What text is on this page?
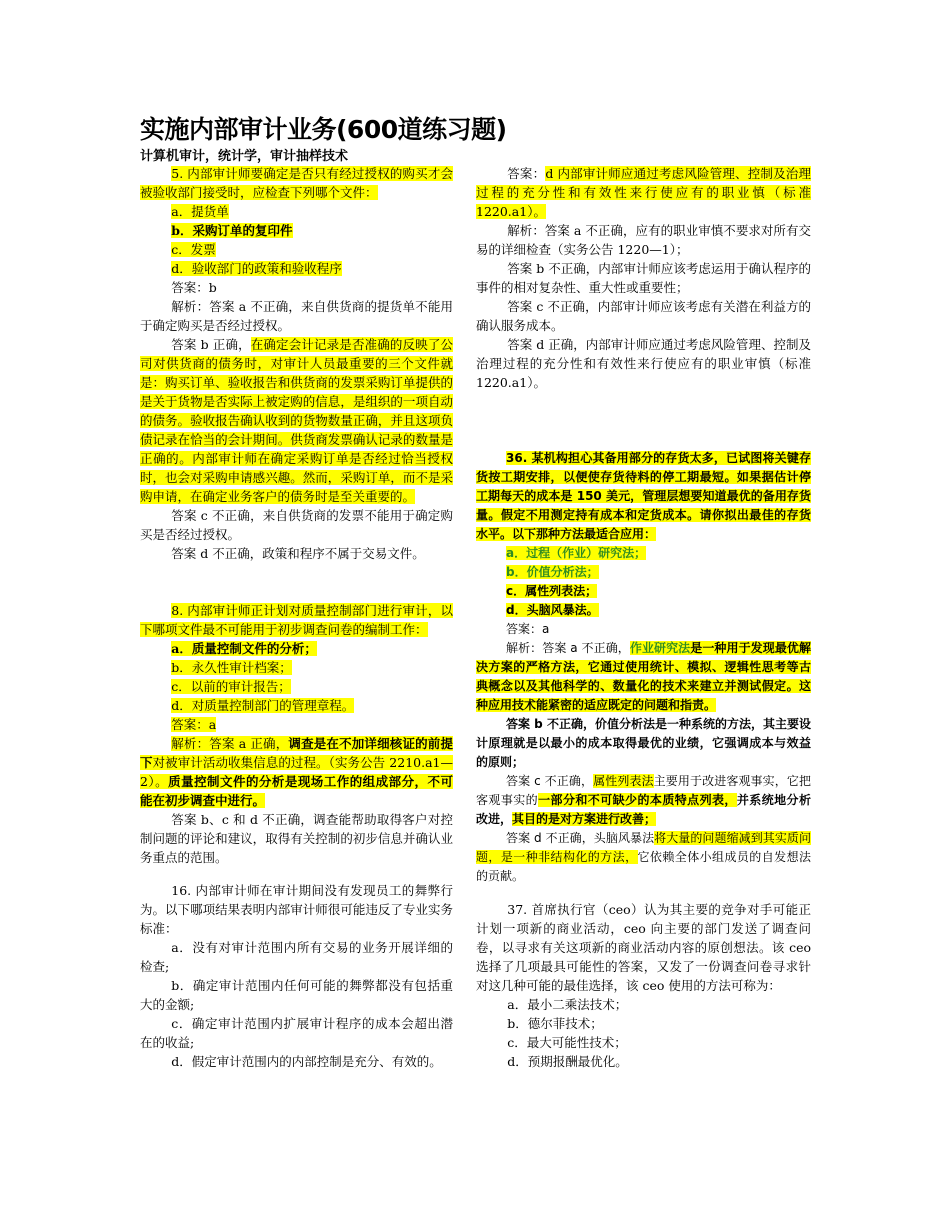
实施内部审计业务(600道练习题)
计算机审计，统计学，审计抽样技术

5. 内部审计师要确定是否只有经过授权的购买才会被验收部门接受时，应检查下列哪个文件：

a．提货单

b．采购订单的复印件

c．发票

d．验收部门的政策和验收程序

答案：b

解析：答案 a 不正确，来自供货商的提货单不能用于确定购买是否经过授权。

答案 b 正确，在确定会计记录是否准确的反映了公司对供货商的债务时，对审计人员最重要的三个文件就是：购买订单、验收报告和供货商的发票采购订单提供的是关于货物是否实际上被定购的信息，是组织的一项自动的债务。验收报告确认收到的货物数量正确，并且这项负债记录在恰当的会计期间。供货商发票确认记录的数量是正确的。内部审计师在确定采购订单是否经过恰当授权时，也会对采购申请感兴趣。然而，采购订单，而不是采购申请，在确定业务客户的债务时是至关重要的。

答案 c 不正确，来自供货商的发票不能用于确定购买是否经过授权。

答案 d 不正确，政策和程序不属于交易文件。

8. 内部审计师正计划对质量控制部门进行审计，以下哪项文件最不可能用于初步调查问卷的编制工作：

a．质量控制文件的分析；

b．永久性审计档案；

c．以前的审计报告；

d．对质量控制部门的管理章程。

答案：a

解析：答案 a 正确，调查是在不加详细核证的前提下对被审计活动收集信息的过程。（实务公告 2210.a1—2）。质量控制文件的分析是现场工作的组成部分，不可能在初步调查中进行。

答案 b、c 和 d 不正确，调查能帮助取得客户对控制问题的评论和建议，取得有关控制的初步信息并确认业务重点的范围。

16. 内部审计师在审计期间没有发现员工的舞弊行为。以下哪项结果表明内部审计师很可能违反了专业实务标准：

a．没有对审计范围内所有交易的业务开展详细的检查;

b．确定审计范围内任何可能的舞弊都没有包括重大的金额;

c．确定审计范围内扩展审计程序的成本会超出潜在的收益;

d．假定审计范围内的内部控制是充分、有效的。

答案：d 内部审计师应通过考虑风险管理、控制及治理过程的充分性和有效性来行使应有的职业慎（标准 1220.a1）。

解析：答案 a 不正确，应有的职业审慎不要求对所有交易的详细检查（实务公告 1220—1）；

答案 b 不正确，内部审计师应该考虑运用于确认程序的事件的相对复杂性、重大性或重要性；

答案 c 不正确，内部审计师应该考虑有关潜在利益方的确认服务成本。

答案 d 正确，内部审计师应通过考虑风险管理、控制及治理过程的充分性和有效性来行使应有的职业审慎（标准 1220.a1）。

36. 某机构担心其备用部分的存货太多，已试图将关键存货按工期安排，以便使存货待料的停工期最短。如果据估计停工期每天的成本是 150 美元，管理层想要知道最优的备用存货量。假定不用测定持有成本和定货成本。请你拟出最佳的存货水平。以下那种方法最适合应用：

a．过程（作业）研究法；

b．价值分析法；

c．属性列表法；

d．头脑风暴法。

答案：a

解析：答案 a 不正确，作业研究法是一种用于发现最优解决方案的严格方法，它通过使用统计、模拟、逻辑性思考等古典概念以及其他科学的、数量化的技术来建立并测试假定。这种应用技术能紧密的适应既定的问题和指责。

答案 b 不正确，价值分析法是一种系统的方法，其主要设计原理就是以最小的成本取得最优的业绩，它强调成本与效益的原则；

答案 c 不正确，属性列表法主要用于改进客观事实，它把客观事实的一部分和不可缺少的本质特点列表，并系统地分析改进，其目的是对方案进行改善；

答案 d 不正确，头脑风暴法将大量的问题缩减到其实质问题，是一种非结构化的方法，它依赖全体小组成员的自发想法的贡献。

37. 首席执行官（ceo）认为其主要的竞争对手可能正计划一项新的商业活动，ceo 向主要的部门发送了调查问卷，以寻求有关这项新的商业活动内容的原创想法。该 ceo 选择了几项最具可能性的答案，又发了一份调查问卷寻求针对这几种可能的最佳选择，该 ceo 使用的方法可称为：

a．最小二乘法技术；

b．德尔菲技术；

c．最大可能性技术；

d．预期报酬最优化。
